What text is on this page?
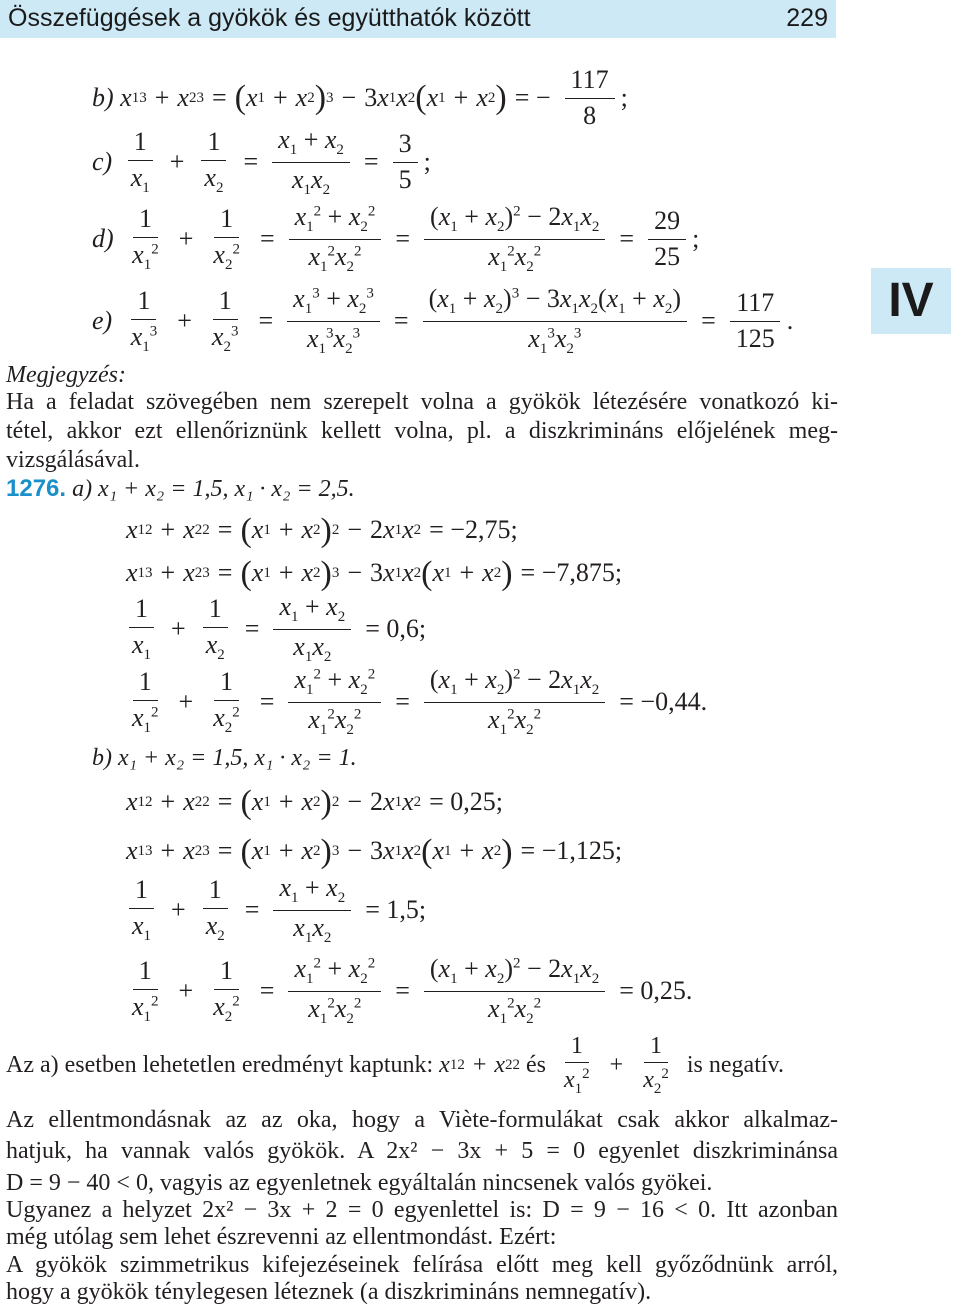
Összefüggések a gyökök és együtthatók között	229
IV
b)
x 1 3 + x 2 3 = ( x 1 + x 2 ) 3 − 3 x 1 x 2 ( x 1 + x 2 ) = − $\frac{117}{8}$ ;
c)
$\frac{1}{x_1} + \frac{1}{x_2} = \frac{x_1 + x_2}{x_1x_2} = \frac{3}{5}$ ;
d)
$\frac{1}{x_1^2} + \frac{1}{x_2^2} = \frac{x_1^2 + x_2^2}{x_1^2x_2^2} = \frac{(x_1 + x_2)^2 - 2x_1x_2}{x_1^2x_2^2} = \frac{29}{25}$ ;
e)
$\frac{1}{x_1^3} + \frac{1}{x_2^3} = \frac{x_1^3 + x_2^3}{x_1^3x_2^3} = \frac{(x_1 + x_2)^3 - 3x_1x_2(x_1 + x_2)}{x_1^3x_2^3} = \frac{117}{125}$ .
Megjegyzés:
Ha a feladat szövegében nem szerepelt volna a gyökök létezésére vonatkozó ki-
tétel, akkor ezt ellenőriznünk kellett volna, pl. a diszkrimináns előjelének meg-
vizsgálásával.
1276. a) x₁ + x₂ = 1,5, x₁ · x₂ = 2,5.
x 1 2 + x 2 2 = ( x 1 + x 2 ) 2 − 2 x 1 x 2 = −2,75;
x 1 3 + x 2 3 = ( x 1 + x 2 ) 3 − 3 x 1 x 2 ( x 1 + x 2 ) = −7,875;
$\frac{1}{x_1} + \frac{1}{x_2} = \frac{x_1 + x_2}{x_1x_2} = 0,6$;
$\frac{1}{x_1^2} + \frac{1}{x_2^2} = \frac{x_1^2 + x_2^2}{x_1^2x_2^2} = \frac{(x_1 + x_2)^2 - 2x_1x_2}{x_1^2x_2^2} = -0,44$.
b) x₁ + x₂ = 1,5, x₁ · x₂ = 1.
x 1 2 + x 2 2 = ( x 1 + x 2 ) 2 − 2 x 1 x 2 = 0,25;
x 1 3 + x 2 3 = ( x 1 + x 2 ) 3 − 3 x 1 x 2 ( x 1 + x 2 ) = −1,125;
$\frac{1}{x_1} + \frac{1}{x_2} = \frac{x_1 + x_2}{x_1x_2} = 1,5$;
$\frac{1}{x_1^2} + \frac{1}{x_2^2} = \frac{x_1^2 + x_2^2}{x_1^2x_2^2} = \frac{(x_1 + x_2)^2 - 2x_1x_2}{x_1^2x_2^2} = 0,25$.
Az a) esetben lehetetlen eredményt kaptunk:
x 1 2 + x 2 2
és
$\frac{1}{x_1^2} + \frac{1}{x_2^2}$
is negatív.
Az ellentmondásnak az az oka, hogy a Viète-formulákat csak akkor alkalmaz-
hatjuk, ha vannak valós gyökök. A 2x² − 3x + 5 = 0 egyenlet diszkriminánsa
D = 9 − 40 < 0, vagyis az egyenletnek egyáltalán nincsenek valós gyökei.
Ugyanez a helyzet 2x² − 3x + 2 = 0 egyenlettel is: D = 9 − 16 < 0. Itt azonban
még utólag sem lehet észrevenni az ellentmondást. Ezért:
A gyökök szimmetrikus kifejezéseinek felírása előtt meg kell győződnünk arról,
hogy a gyökök ténylegesen léteznek (a diszkrimináns nemnegatív).
